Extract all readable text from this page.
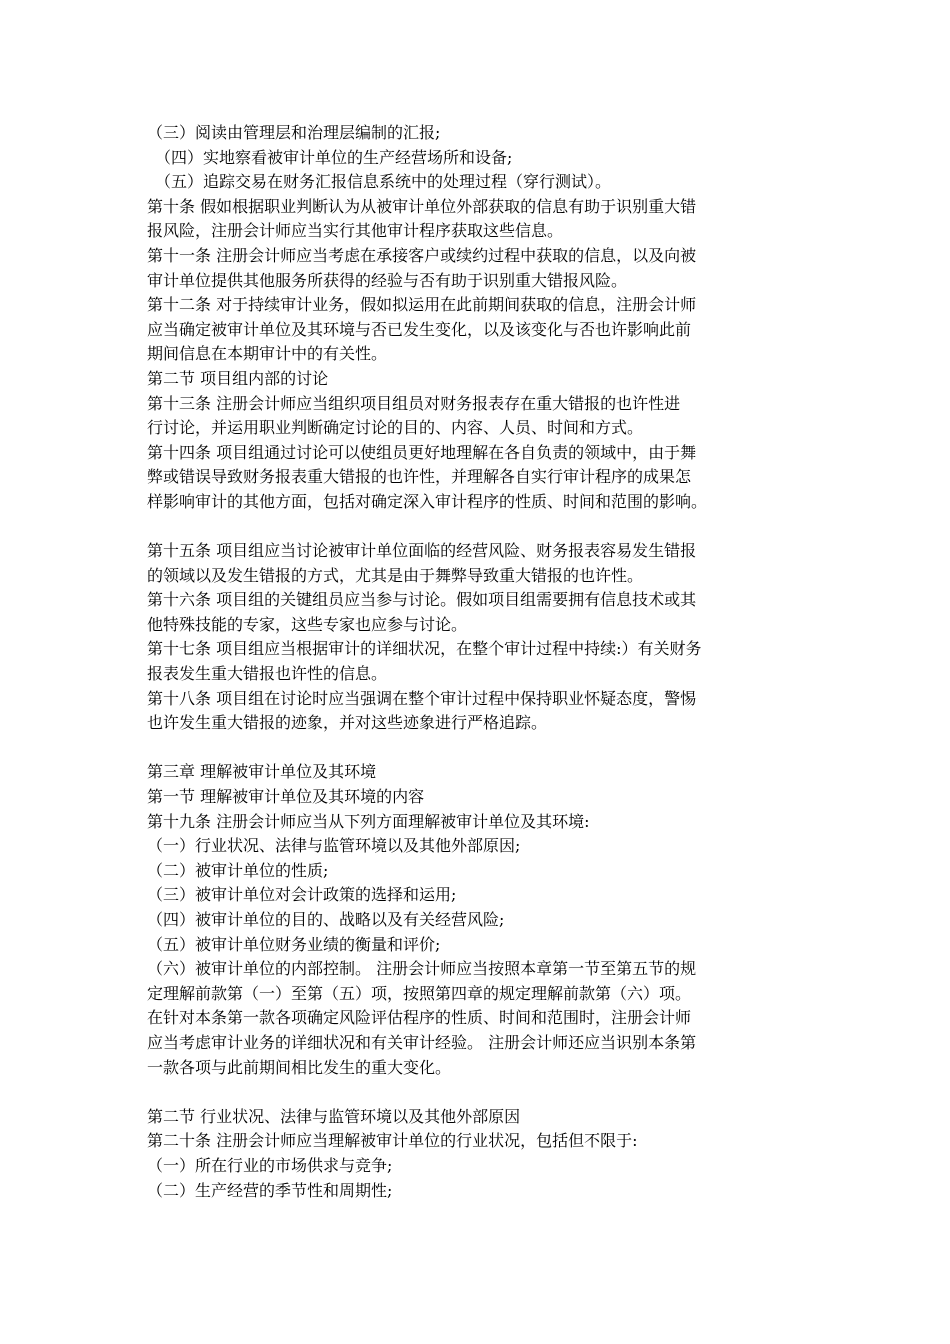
（三）阅读由管理层和治理层编制的汇报;
（四）实地察看被审计单位的生产经营场所和设备;
（五）追踪交易在财务汇报信息系统中的处理过程（穿行测试）。
第十条 假如根据职业判断认为从被审计单位外部获取的信息有助于识别重大错
报风险，注册会计师应当实行其他审计程序获取这些信息。
第十一条 注册会计师应当考虑在承接客户或续约过程中获取的信息，以及向被
审计单位提供其他服务所获得的经验与否有助于识别重大错报风险。
第十二条 对于持续审计业务，假如拟运用在此前期间获取的信息，注册会计师
应当确定被审计单位及其环境与否已发生变化，以及该变化与否也许影响此前
期间信息在本期审计中的有关性。
第二节 项目组内部的讨论
第十三条 注册会计师应当组织项目组员对财务报表存在重大错报的也许性进
行讨论，并运用职业判断确定讨论的目的、内容、人员、时间和方式。
第十四条 项目组通过讨论可以使组员更好地理解在各自负责的领域中，由于舞
弊或错误导致财务报表重大错报的也许性，并理解各自实行审计程序的成果怎
样影响审计的其他方面，包括对确定深入审计程序的性质、时间和范围的影响。
第十五条 项目组应当讨论被审计单位面临的经营风险、财务报表容易发生错报
的领域以及发生错报的方式，尤其是由于舞弊导致重大错报的也许性。
第十六条 项目组的关键组员应当参与讨论。假如项目组需要拥有信息技术或其
他特殊技能的专家，这些专家也应参与讨论。
第十七条 项目组应当根据审计的详细状况，在整个审计过程中持续:）有关财务
报表发生重大错报也许性的信息。
第十八条 项目组在讨论时应当强调在整个审计过程中保持职业怀疑态度，警惕
也许发生重大错报的迹象，并对这些迹象进行严格追踪。
第三章 理解被审计单位及其环境
第一节 理解被审计单位及其环境的内容
第十九条 注册会计师应当从下列方面理解被审计单位及其环境:
（一）行业状况、法律与监管环境以及其他外部原因;
（二）被审计单位的性质;
（三）被审计单位对会计政策的选择和运用;
（四）被审计单位的目的、战略以及有关经营风险;
（五）被审计单位财务业绩的衡量和评价;
（六）被审计单位的内部控制。 注册会计师应当按照本章第一节至第五节的规
定理解前款第（一）至第（五）项，按照第四章的规定理解前款第（六）项。
在针对本条第一款各项确定风险评估程序的性质、时间和范围时，注册会计师
应当考虑审计业务的详细状况和有关审计经验。 注册会计师还应当识别本条第
一款各项与此前期间相比发生的重大变化。
第二节 行业状况、法律与监管环境以及其他外部原因
第二十条 注册会计师应当理解被审计单位的行业状况，包括但不限于:
（一）所在行业的市场供求与竞争;
（二）生产经营的季节性和周期性;
